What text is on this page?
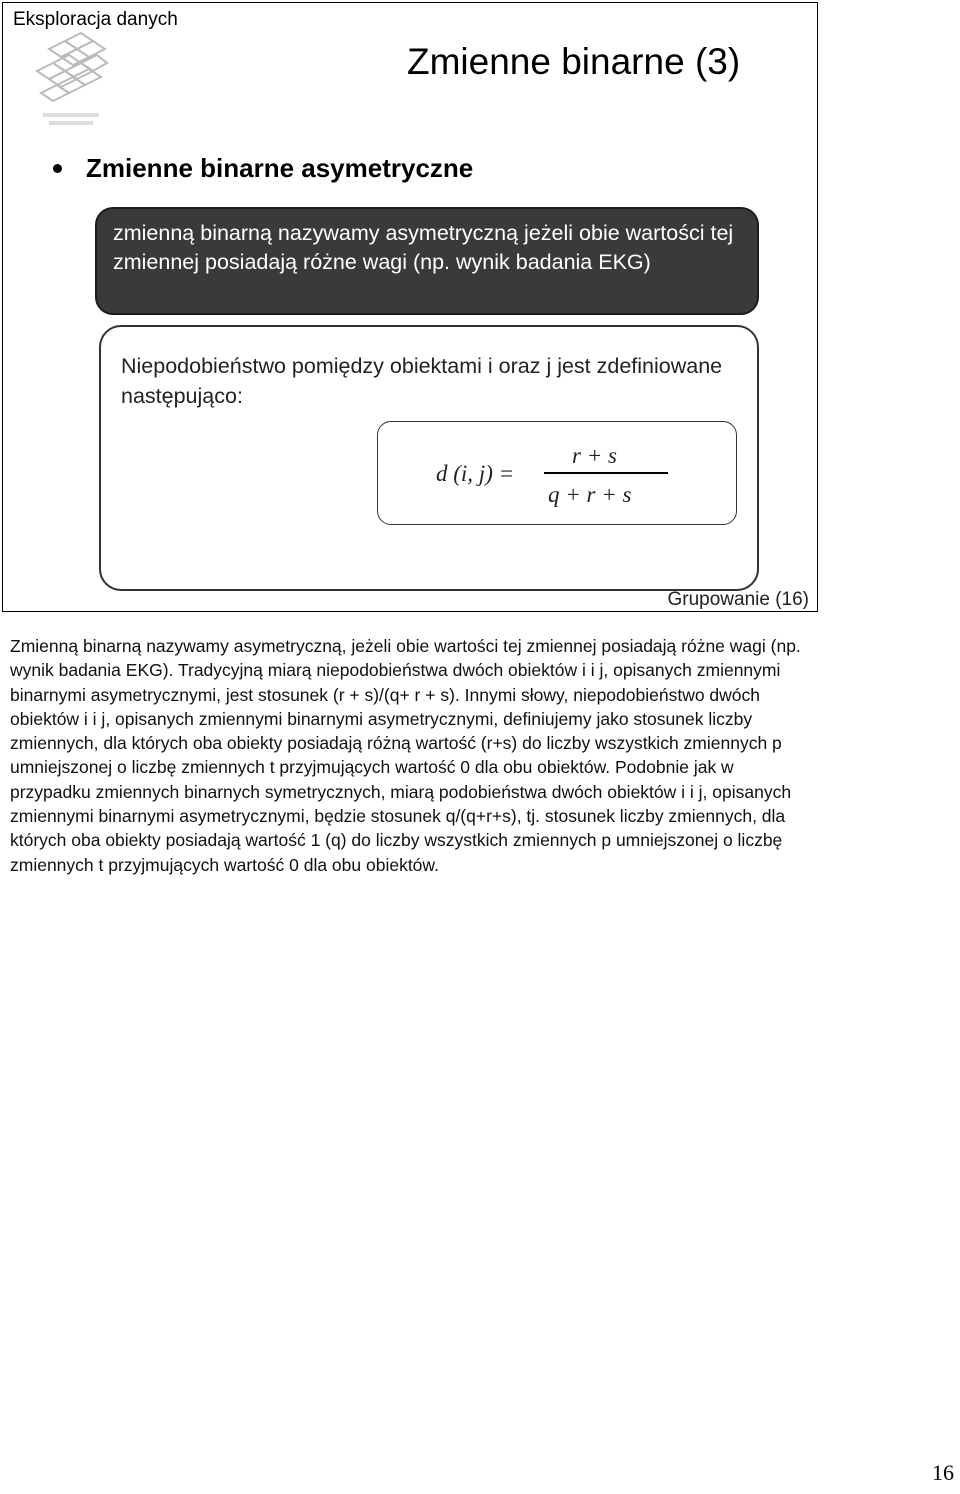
Eksploracja danych
Zmienne binarne (3)
Zmienne binarne asymetryczne
zmienną binarną nazywamy asymetryczną jeżeli obie wartości tej zmiennej posiadają różne wagi (np. wynik badania EKG)
Niepodobieństwo pomiędzy obiektami i oraz j jest zdefiniowane następująco:
d (i, j) =
r + s
q + r + s
Grupowanie (16)
Zmienną binarną nazywamy asymetryczną, jeżeli obie wartości tej zmiennej posiadają różne wagi (np. wynik badania EKG). Tradycyjną miarą niepodobieństwa dwóch obiektów i i j, opisanych zmiennymi binarnymi asymetrycznymi, jest stosunek (r + s)/(q+ r + s). Innymi słowy, niepodobieństwo dwóch obiektów i i j, opisanych zmiennymi binarnymi asymetrycznymi, definiujemy jako stosunek liczby zmiennych, dla których oba obiekty posiadają różną wartość (r+s) do liczby wszystkich zmiennych p umniejszonej o liczbę zmiennych t przyjmujących wartość 0 dla obu obiektów. Podobnie jak w przypadku zmiennych binarnych symetrycznych, miarą podobieństwa dwóch obiektów i i j, opisanych zmiennymi binarnymi asymetrycznymi, będzie stosunek q/(q+r+s), tj. stosunek liczby zmiennych, dla których oba obiekty posiadają wartość 1 (q) do liczby wszystkich zmiennych p umniejszonej o liczbę zmiennych t przyjmujących wartość 0 dla obu obiektów.
16
